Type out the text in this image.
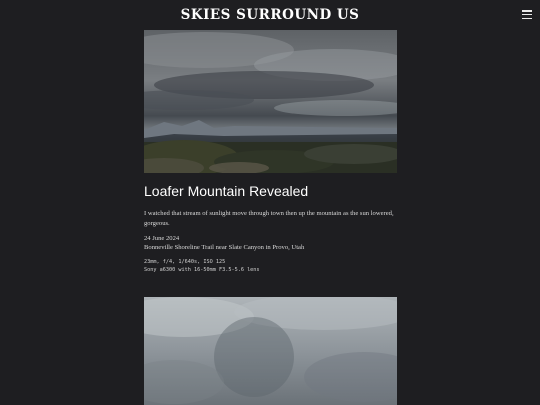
SKIES SURROUND US
Loafer Mountain Revealed

I watched that stream of sunlight move through town then up the mountain as the sun lowered, gorgeous.

24 June 2024

Bonneville Shoreline Trail near Slate Canyon in Provo, Utah

23mm, f/4, 1/640s, ISO 125

Sony a6300 with 16-50mm F3.5-5.6 lens
